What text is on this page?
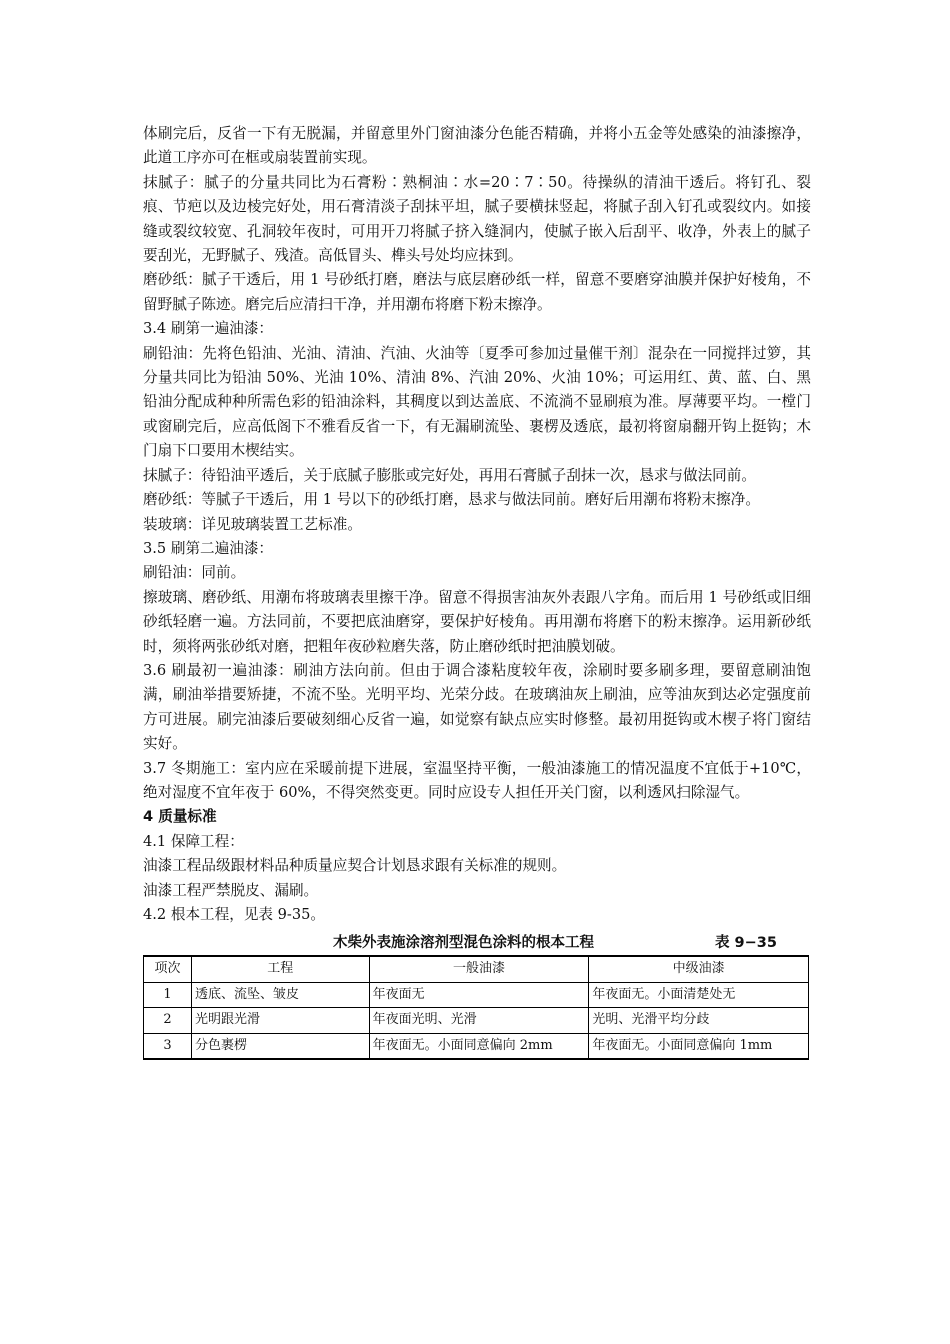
体刷完后，反省一下有无脱漏，并留意里外门窗油漆分色能否精确，并将小五金等处感染的油漆擦净，此道工序亦可在框或扇装置前实现。

抹腻子：腻子的分量共同比为石膏粉∶熟桐油∶水=20∶7∶50。待操纵的清油干透后。将钉孔、裂痕、节疤以及边棱完好处，用石膏清淡子刮抹平坦，腻子要横抹竖起，将腻子刮入钉孔或裂纹内。如接缝或裂纹较宽、孔洞较年夜时，可用开刀将腻子挤入缝洞内，使腻子嵌入后刮平、收净，外表上的腻子要刮光，无野腻子、残渣。高低冒头、榫头号处均应抹到。

磨砂纸：腻子干透后，用 1 号砂纸打磨，磨法与底层磨砂纸一样，留意不要磨穿油膜并保护好棱角，不留野腻子陈迹。磨完后应清扫干净，并用潮布将磨下粉末擦净。

3.4 刷第一遍油漆：

刷铅油：先将色铅油、光油、清油、汽油、火油等〔夏季可参加过量催干剂〕混杂在一同搅拌过箩，其分量共同比为铅油 50%、光油 10%、清油 8%、汽油 20%、火油 10%；可运用红、黄、蓝、白、黑铅油分配成种种所需色彩的铅油涂料，其稠度以到达盖底、不流淌不显刷痕为准。厚薄要平均。一樘门或窗刷完后，应高低阁下不雅看反省一下，有无漏刷流坠、裹楞及透底，最初将窗扇翻开钩上挺钩；木门扇下口要用木楔结实。

抹腻子：待铅油平透后，关于底腻子膨胀或完好处，再用石膏腻子刮抹一次，恳求与做法同前。

磨砂纸：等腻子干透后，用 1 号以下的砂纸打磨，恳求与做法同前。磨好后用潮布将粉末擦净。

装玻璃：详见玻璃装置工艺标准。

3.5 刷第二遍油漆：

刷铅油：同前。

擦玻璃、磨砂纸、用潮布将玻璃表里擦干净。留意不得损害油灰外表跟八字角。而后用 1 号砂纸或旧细砂纸轻磨一遍。方法同前，不要把底油磨穿，要保护好棱角。再用潮布将磨下的粉末擦净。运用新砂纸时，须将两张砂纸对磨，把粗年夜砂粒磨失落，防止磨砂纸时把油膜划破。

3.6 刷最初一遍油漆：刷油方法向前。但由于调合漆粘度较年夜，涂刷时要多刷多理，要留意刷油饱满，刷油举措要矫捷，不流不坠。光明平均、光荣分歧。在玻璃油灰上刷油，应等油灰到达必定强度前方可进展。刷完油漆后要破刻细心反省一遍，如觉察有缺点应实时修整。最初用挺钩或木楔子将门窗结实好。

3.7 冬期施工：室内应在采暖前提下进展，室温坚持平衡，一般油漆施工的情况温度不宜低于+10℃，绝对湿度不宜年夜于 60%，不得突然变更。同时应设专人担任开关门窗，以利透风扫除湿气。

4 质量标准

4.1 保障工程：

油漆工程品级跟材料品种质量应契合计划恳求跟有关标准的规则。

油漆工程严禁脱皮、漏刷。

4.2 根本工程，见表 9-35。

木柴外表施涂溶剂型混色涂料的根本工程	表 9−35
项次	工程	一般油漆	中级油漆
1	透底、流坠、皱皮	年夜面无	年夜面无。小面清楚处无
2	光明跟光滑	年夜面光明、光滑	光明、光滑平均分歧
3	分色裹楞	年夜面无。小面同意偏向 2mm	年夜面无。小面同意偏向 1mm
